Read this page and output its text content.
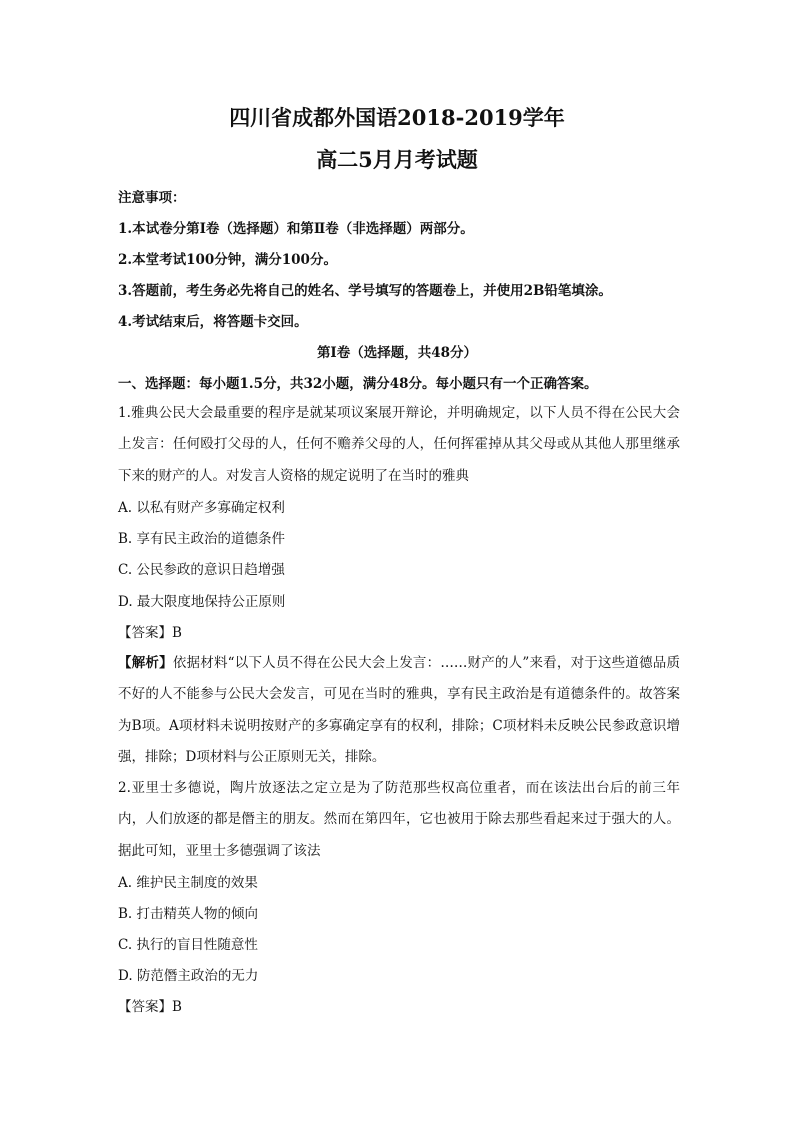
四川省成都外国语2018-2019学年
高二5月月考试题
注意事项：
1.本试卷分第Ⅰ卷（选择题）和第Ⅱ卷（非选择题）两部分。
2.本堂考试100分钟，满分100分。
3.答题前，考生务必先将自己的姓名、学号填写的答题卷上，并使用2B铅笔填涂。
4.考试结束后，将答题卡交回。
第Ⅰ卷（选择题，共48分）
一、选择题：每小题1.5分，共32小题，满分48分。每小题只有一个正确答案。
1.雅典公民大会最重要的程序是就某项议案展开辩论，并明确规定，以下人员不得在公民大会上发言：任何殴打父母的人，任何不赡养父母的人，任何挥霍掉从其父母或从其他人那里继承下来的财产的人。对发言人资格的规定说明了在当时的雅典
A. 以私有财产多寡确定权利
B. 享有民主政治的道德条件
C. 公民参政的意识日趋增强
D. 最大限度地保持公正原则
【答案】B
【解析】依据材料“以下人员不得在公民大会上发言：……财产的人”来看，对于这些道德品质不好的人不能参与公民大会发言，可见在当时的雅典，享有民主政治是有道德条件的。故答案为B项。A项材料未说明按财产的多寡确定享有的权利，排除；C项材料未反映公民参政意识增强，排除；D项材料与公正原则无关，排除。
2.亚里士多德说，陶片放逐法之定立是为了防范那些权高位重者，而在该法出台后的前三年内，人们放逐的都是僭主的朋友。然而在第四年，它也被用于除去那些看起来过于强大的人。据此可知，亚里士多德强调了该法
A. 维护民主制度的效果
B. 打击精英人物的倾向
C. 执行的盲目性随意性
D. 防范僭主政治的无力
【答案】B
